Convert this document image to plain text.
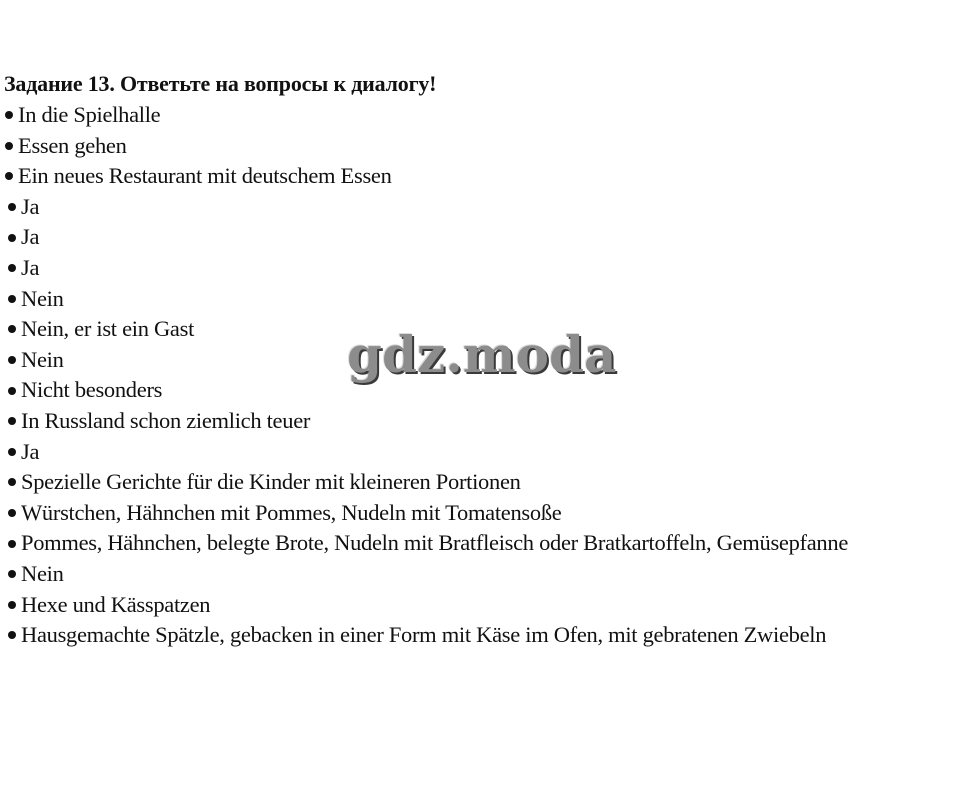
Задание 13. Ответьте на вопросы к диалогу!
In die Spielhalle
Essen gehen
Ein neues Restaurant mit deutschem Essen
Ja
Ja
Ja
Nein
Nein, er ist ein Gast
Nein
Nicht besonders
In Russland schon ziemlich teuer
Ja
Spezielle Gerichte für die Kinder mit kleineren Portionen
Würstchen, Hähnchen mit Pommes, Nudeln mit Tomatensoße
Pommes, Hähnchen, belegte Brote, Nudeln mit Bratfleisch oder Bratkartoffeln, Gemüsepfanne
Nein
Hexe und Kässpatzen
Hausgemachte Spätzle, gebacken in einer Form mit Käse im Ofen, mit gebratenen Zwiebeln
gdz.moda
